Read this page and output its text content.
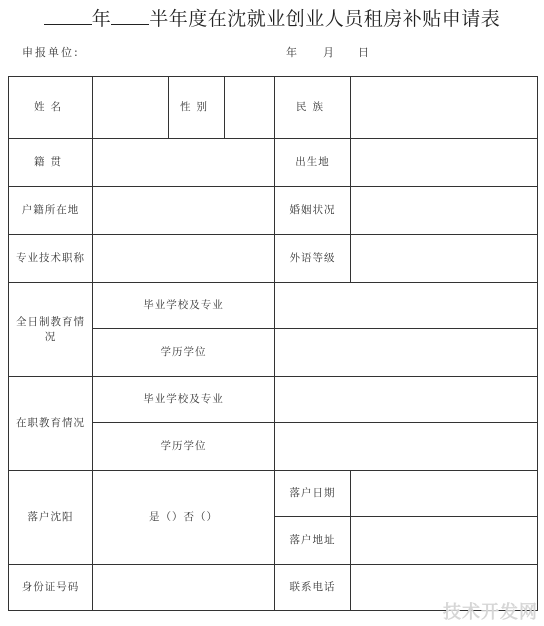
年 半年度在沈就业创业人员租房补贴申请表
申报单位:	年 月 日
姓名		性别		民族	
籍贯				出生地	
户籍所在地				婚姻状况	
专业技术职称				外语等级	
全日制教育情况	毕业学校及专业				
	学历学位				
在职教育情况	毕业学校及专业				
	学历学位				
落户沈阳	是（）否（）			落户日期	
				落户地址	
身份证号码				联系电话	
技术开发网
